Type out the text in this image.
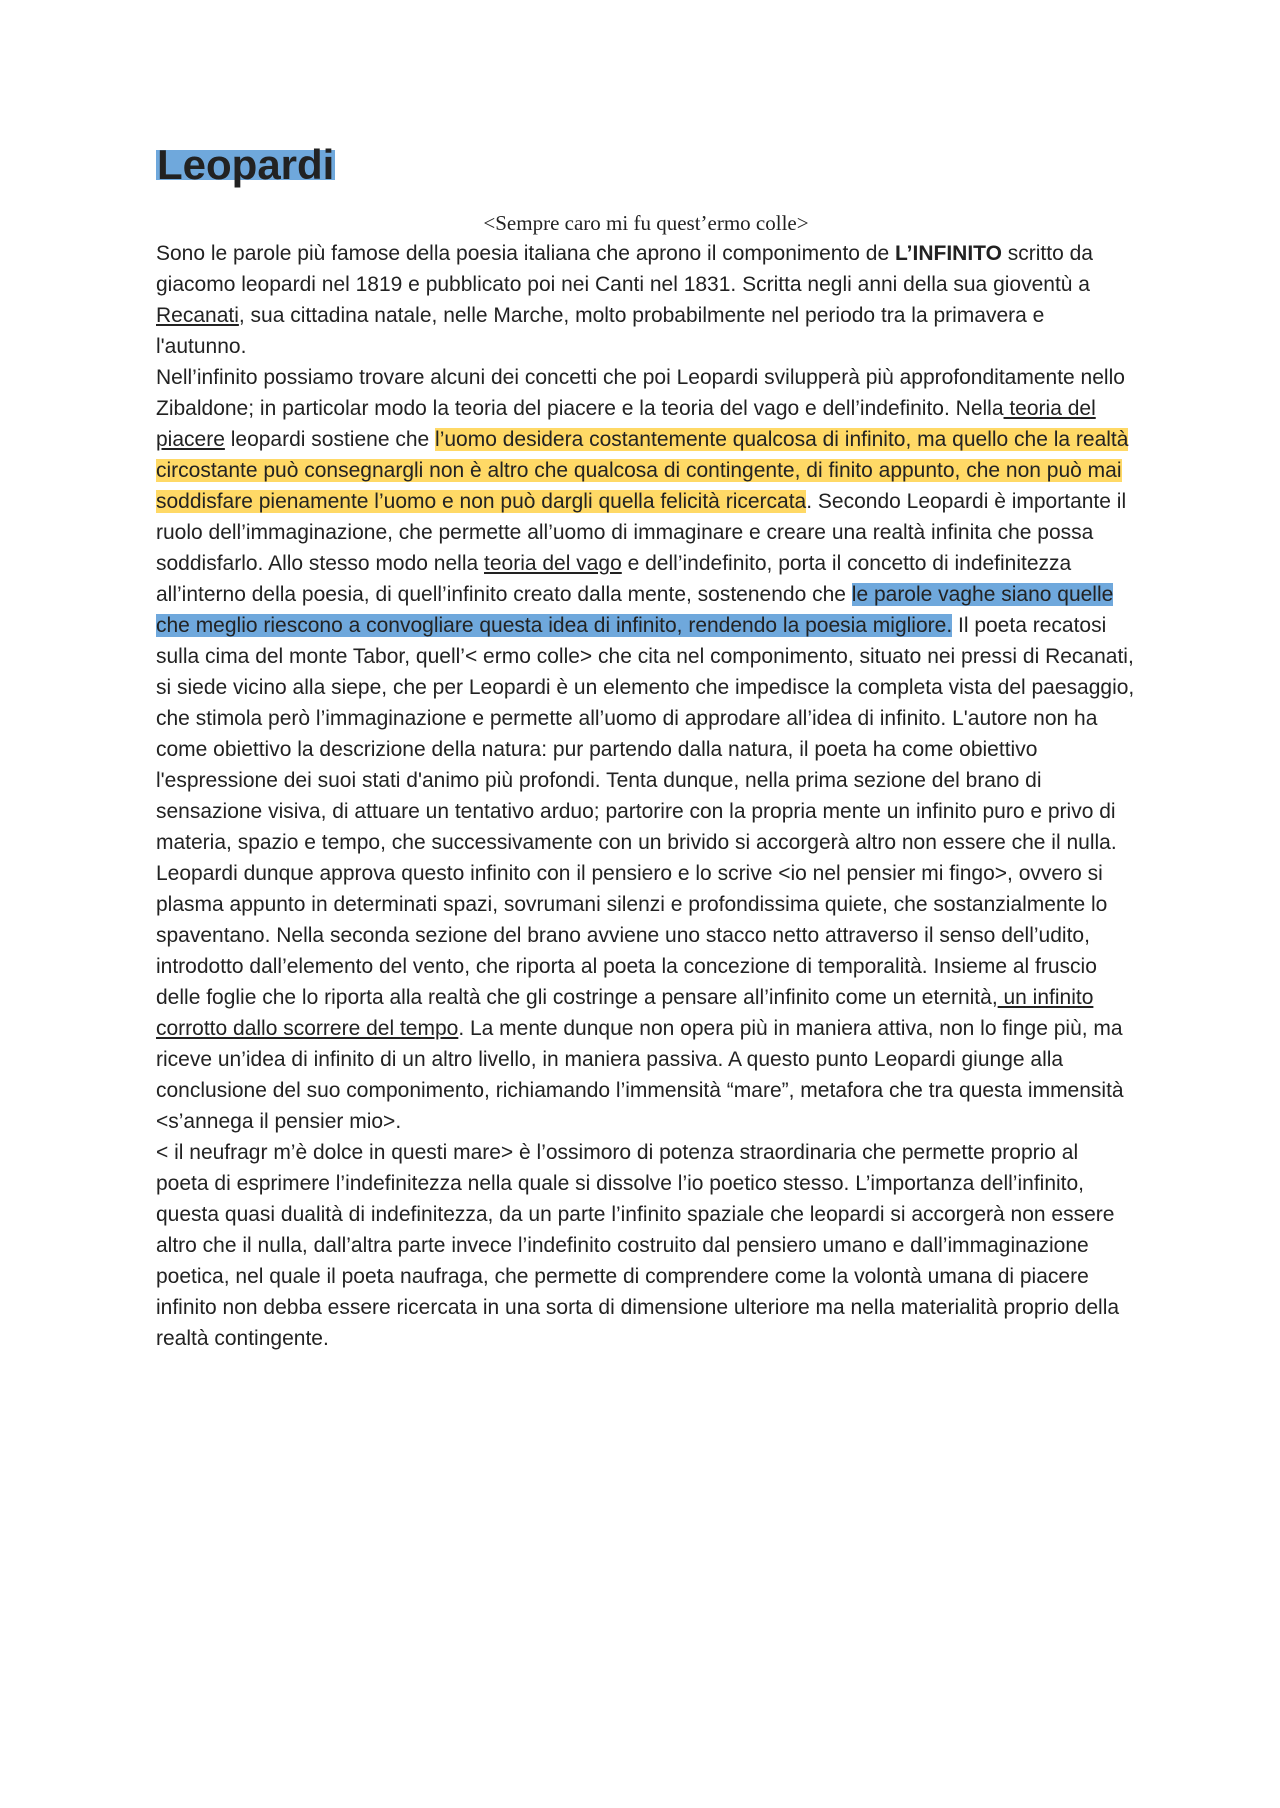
Leopardi

<Sempre caro mi fu quest’ermo colle>

Sono le parole più famose della poesia italiana che aprono il componimento de L’INFINITO scritto da giacomo leopardi nel 1819 e pubblicato poi nei Canti nel 1831. Scritta negli anni della sua gioventù a Recanati, sua cittadina natale, nelle Marche, molto probabilmente nel periodo tra la primavera e l'autunno.

Nell’infinito possiamo trovare alcuni dei concetti che poi Leopardi svilupperà più approfonditamente nello Zibaldone; in particolar modo la teoria del piacere e la teoria del vago e dell’indefinito. Nella teoria del piacere leopardi sostiene che l’uomo desidera costantemente qualcosa di infinito, ma quello che la realtà circostante può consegnargli non è altro che qualcosa di contingente, di finito appunto, che non può mai soddisfare pienamente l’uomo e non può dargli quella felicità ricercata. Secondo Leopardi è importante il ruolo dell’immaginazione, che permette all’uomo di immaginare e creare una realtà infinita che possa soddisfarlo. Allo stesso modo nella teoria del vago e dell’indefinito, porta il concetto di indefinitezza all’interno della poesia, di quell’infinito creato dalla mente, sostenendo che le parole vaghe siano quelle che meglio riescono a convogliare questa idea di infinito, rendendo la poesia migliore. Il poeta recatosi sulla cima del monte Tabor, quell’< ermo colle> che cita nel componimento, situato nei pressi di Recanati, si siede vicino alla siepe, che per Leopardi è un elemento che impedisce la completa vista del paesaggio, che stimola però l’immaginazione e permette all’uomo di approdare all’idea di infinito. L'autore non ha come obiettivo la descrizione della natura: pur partendo dalla natura, il poeta ha come obiettivo l'espressione dei suoi stati d'animo più profondi. Tenta dunque, nella prima sezione del brano di sensazione visiva, di attuare un tentativo arduo; partorire con la propria mente un infinito puro e privo di materia, spazio e tempo, che successivamente con un brivido si accorgerà altro non essere che il nulla. Leopardi dunque approva questo infinito con il pensiero e lo scrive <io nel pensier mi fingo>, ovvero si plasma appunto in determinati spazi, sovrumani silenzi e profondissima quiete, che sostanzialmente lo spaventano. Nella seconda sezione del brano avviene uno stacco netto attraverso il senso dell’udito, introdotto dall’elemento del vento, che riporta al poeta la concezione di temporalità. Insieme al fruscio delle foglie che lo riporta alla realtà che gli costringe a pensare all’infinito come un eternità, un infinito corrotto dallo scorrere del tempo. La mente dunque non opera più in maniera attiva, non lo finge più, ma riceve un’idea di infinito di un altro livello, in maniera passiva. A questo punto Leopardi giunge alla conclusione del suo componimento, richiamando l’immensità “mare”, metafora che tra questa immensità <s’annega il pensier mio>.

< il neufragr m’è dolce in questi mare> è l’ossimoro di potenza straordinaria che permette proprio al poeta di esprimere l’indefinitezza nella quale si dissolve l’io poetico stesso. L’importanza dell’infinito, questa quasi dualità di indefinitezza, da un parte l’infinito spaziale che leopardi si accorgerà non essere altro che il nulla, dall’altra parte invece l’indefinito costruito dal pensiero umano e dall’immaginazione poetica, nel quale il poeta naufraga, che permette di comprendere come la volontà umana di piacere infinito non debba essere ricercata in una sorta di dimensione ulteriore ma nella materialità proprio della realtà contingente.
